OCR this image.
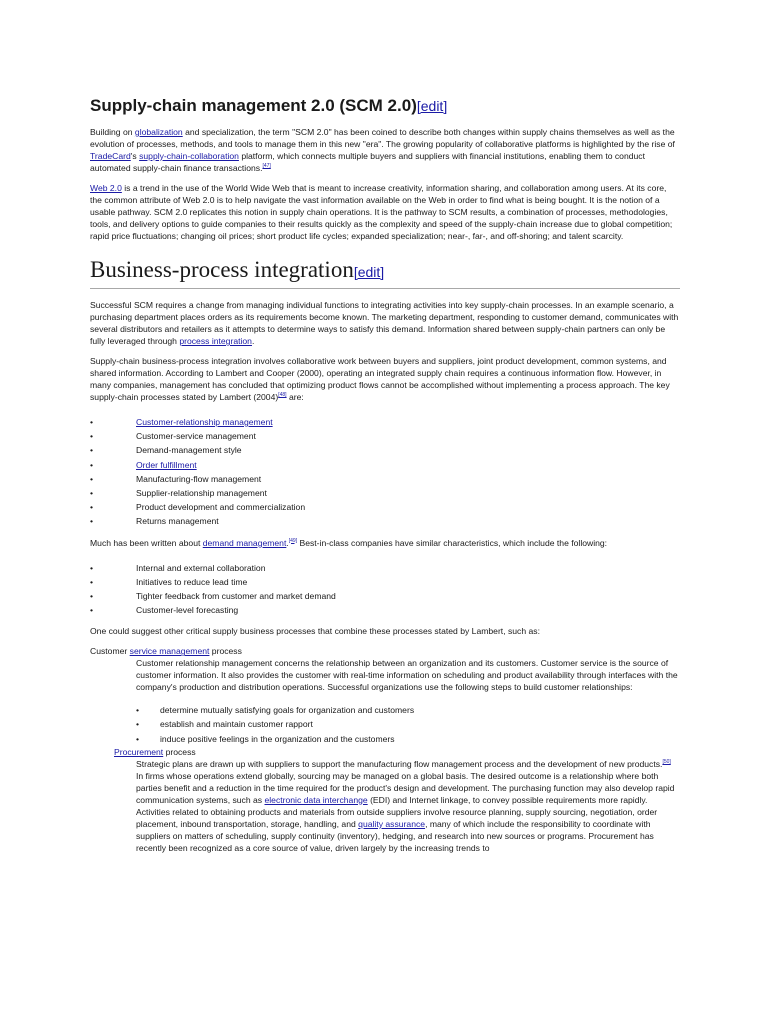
Supply-chain management 2.0 (SCM 2.0)[edit]

Building on globalization and specialization, the term "SCM 2.0" has been coined to describe both changes within supply chains themselves as well as the evolution of processes, methods, and tools to manage them in this new "era". The growing popularity of collaborative platforms is highlighted by the rise of TradeCard's supply-chain-collaboration platform, which connects multiple buyers and suppliers with financial institutions, enabling them to conduct automated supply-chain finance transactions.[47]

Web 2.0 is a trend in the use of the World Wide Web that is meant to increase creativity, information sharing, and collaboration among users. At its core, the common attribute of Web 2.0 is to help navigate the vast information available on the Web in order to find what is being bought. It is the notion of a usable pathway. SCM 2.0 replicates this notion in supply chain operations. It is the pathway to SCM results, a combination of processes, methodologies, tools, and delivery options to guide companies to their results quickly as the complexity and speed of the supply-chain increase due to global competition; rapid price fluctuations; changing oil prices; short product life cycles; expanded specialization; near-, far-, and off-shoring; and talent scarcity.

Business-process integration[edit]

Successful SCM requires a change from managing individual functions to integrating activities into key supply-chain processes. In an example scenario, a purchasing department places orders as its requirements become known. The marketing department, responding to customer demand, communicates with several distributors and retailers as it attempts to determine ways to satisfy this demand. Information shared between supply-chain partners can only be fully leveraged through process integration.

Supply-chain business-process integration involves collaborative work between buyers and suppliers, joint product development, common systems, and shared information. According to Lambert and Cooper (2000), operating an integrated supply chain requires a continuous information flow. However, in many companies, management has concluded that optimizing product flows cannot be accomplished without implementing a process approach. The key supply-chain processes stated by Lambert (2004)[48] are:

•	Customer-relationship management
•	Customer-service management
•	Demand-management style
•	Order fulfillment
•	Manufacturing-flow management
•	Supplier-relationship management
•	Product development and commercialization
•	Returns management

Much has been written about demand management.[49] Best-in-class companies have similar characteristics, which include the following:

•	Internal and external collaboration
•	Initiatives to reduce lead time
•	Tighter feedback from customer and market demand
•	Customer-level forecasting

One could suggest other critical supply business processes that combine these processes stated by Lambert, such as:

Customer service management process

Customer relationship management concerns the relationship between an organization and its customers. Customer service is the source of customer information. It also provides the customer with real-time information on scheduling and product availability through interfaces with the company's production and distribution operations. Successful organizations use the following steps to build customer relationships:

• determine mutually satisfying goals for organization and customers
• establish and maintain customer rapport
• induce positive feelings in the organization and the customers
Procurement process

Strategic plans are drawn up with suppliers to support the manufacturing flow management process and the development of new products.[50] In firms whose operations extend globally, sourcing may be managed on a global basis. The desired outcome is a relationship where both parties benefit and a reduction in the time required for the product's design and development. The purchasing function may also develop rapid communication systems, such as electronic data interchange (EDI) and Internet linkage, to convey possible requirements more rapidly. Activities related to obtaining products and materials from outside suppliers involve resource planning, supply sourcing, negotiation, order placement, inbound transportation, storage, handling, and quality assurance, many of which include the responsibility to coordinate with suppliers on matters of scheduling, supply continuity (inventory), hedging, and research into new sources or programs. Procurement has recently been recognized as a core source of value, driven largely by the increasing trends to
